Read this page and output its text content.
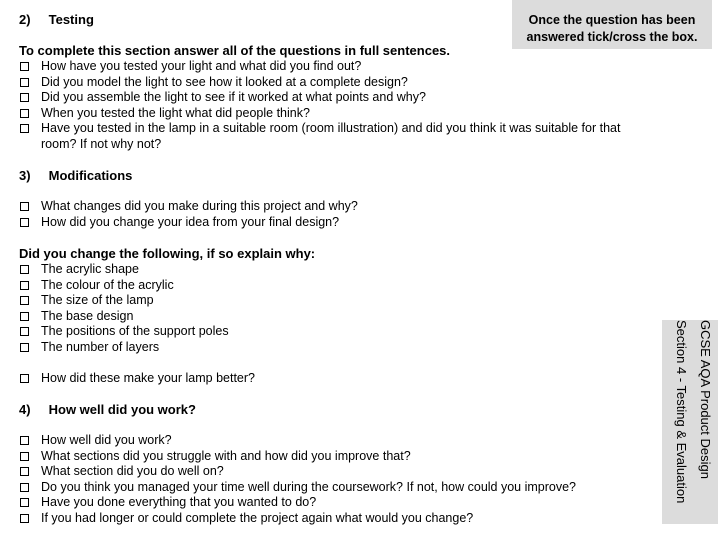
2) Testing	Once the question has been
answered tick/cross the box.
To complete this section answer all of the questions in full sentences.
How have you tested your light and what did you find out?
Did you model the light to see how it looked at a complete design?
Did you assemble the light to see if it worked at what points and why?
When you tested the light what did people think?
Have you tested in the lamp in a suitable room (room illustration) and did you think it was suitable for that room? If not why not?
3) Modifications
What changes did you make during this project and why?
How did you change your idea from your final design?
Did you change the following, if so explain why:
The acrylic shape
The colour of the acrylic
The size of the lamp
The base design
The positions of the support poles
The number of layers
How did these make your lamp better?
4) How well did you work?
How well did you work?
What sections did you struggle with and how did you improve that?
What section did you do well on?
Do you think you managed your time well during the coursework? If not, how could you improve?
Have you done everything that you wanted to do?
If you had longer or could complete the project again what would you change?
GCSE AQA Product Design
Section 4 - Testing & Evaluation
